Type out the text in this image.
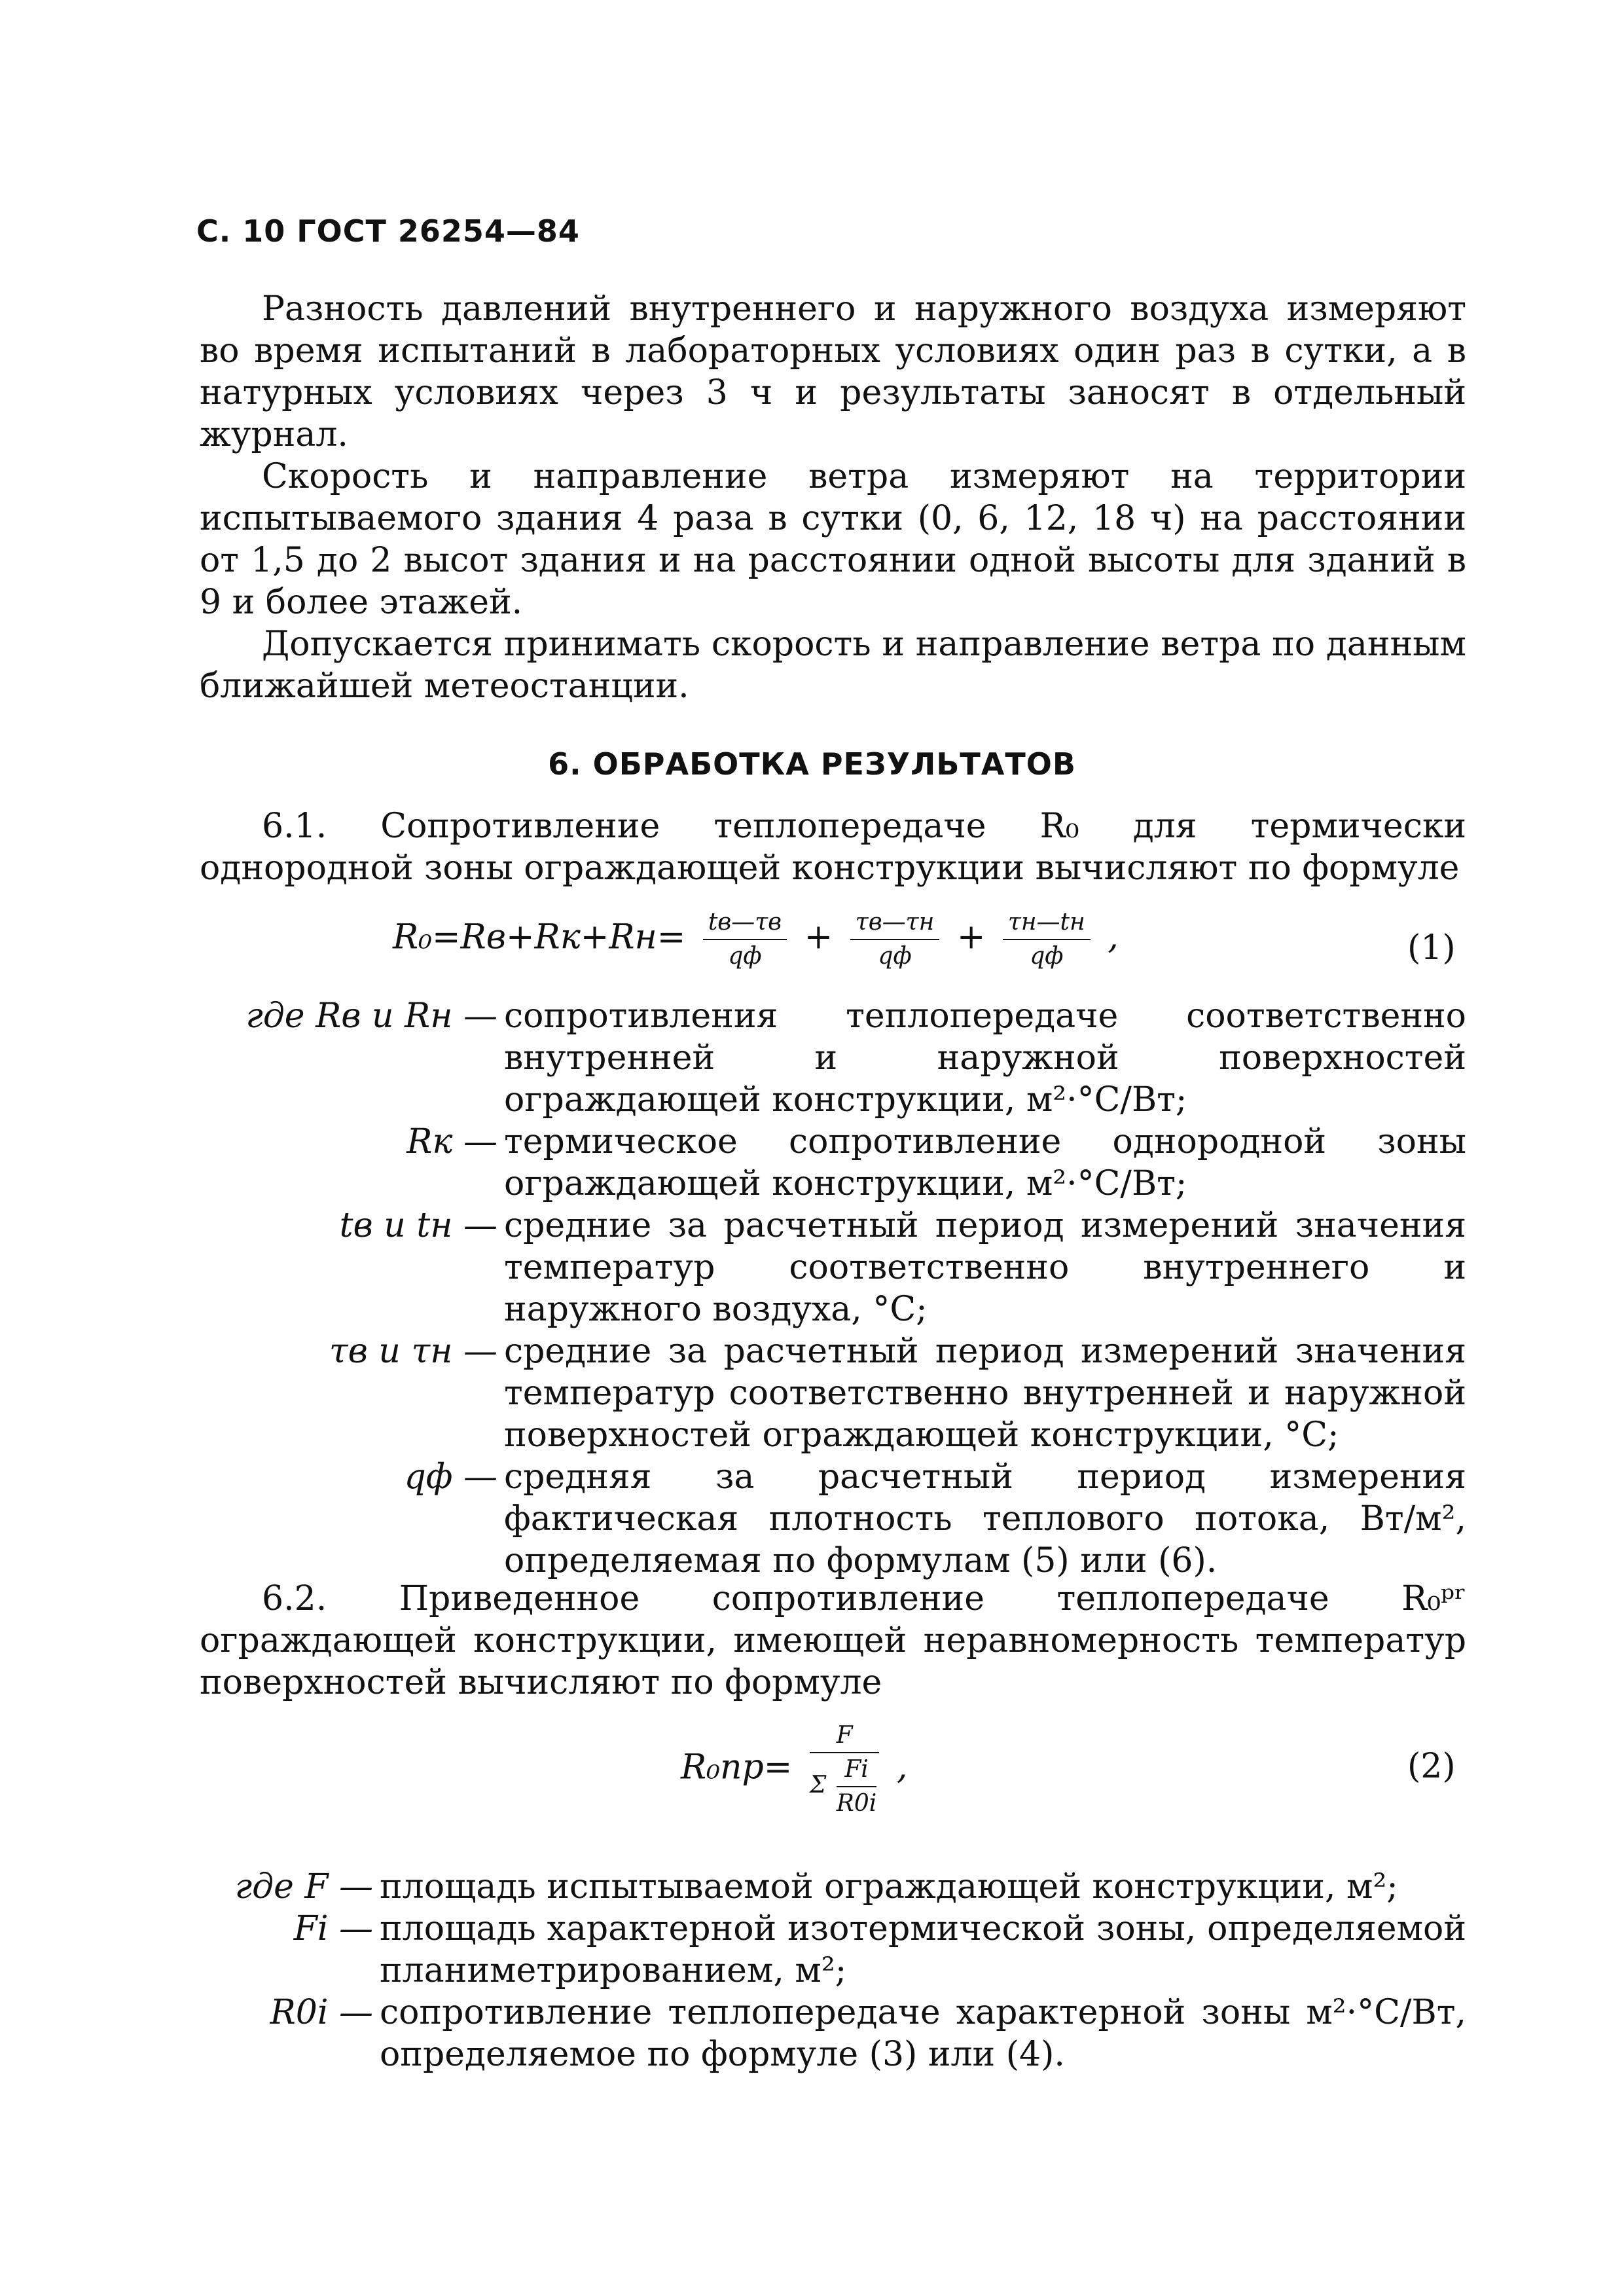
С. 10 ГОСТ 26254—84

Разность давлений внутреннего и наружного воздуха измеряют во время испытаний в лабораторных условиях один раз в сутки, а в натурных условиях через 3 ч и результаты заносят в отдельный журнал.

Скорость и направление ветра измеряют на территории испытываемого здания 4 раза в сутки (0, 6, 12, 18 ч) на расстоянии от 1,5 до 2 высот здания и на расстоянии одной высоты для зданий в 9 и более этажей.

Допускается принимать скорость и направление ветра по данным ближайшей метеостанции.

6. ОБРАБОТКА РЕЗУЛЬТАТОВ

6.1. Сопротивление теплопередаче R₀ для термически однородной зоны ограждающей конструкции вычисляют по формуле

$R_0=Rв+Rк+Rн= \frac{tв—\tau в}{qф} + \frac{\tau в—\tau н}{qф} + \frac{\tau н—tн}{qф}$ ,	(1)
где Rв и Rн — сопротивления теплопередаче соответственно внутренней и наружной поверхностей ограждающей конструкции, м²·°С/Вт;
Rк — термическое сопротивление однородной зоны ограждающей конструкции, м²·°С/Вт;
tв и tн — средние за расчетный период измерений значения температур соответственно внутреннего и наружного воздуха, °С;
τв и τн — средние за расчетный период измерений значения температур соответственно внутренней и наружной поверхностей ограждающей конструкции, °С;
qф — средняя за расчетный период измерения фактическая плотность теплового потока, Вт/м², определяемая по формулам (5) или (6).

6.2. Приведенное сопротивление теплопередаче R₀ᵖʳ ограждающей конструкции, имеющей неравномерность температур поверхностей вычисляют по формуле

$R_0пр= \frac{F}{\Sigma \frac{Fi}{R0i}}$ ,	(2)
где F — площадь испытываемой ограждающей конструкции, м²;
Fi — площадь характерной изотермической зоны, определяемой планиметрированием, м²;
R0i — сопротивление теплопередаче характерной зоны м²·°С/Вт, определяемое по формуле (3) или (4).
